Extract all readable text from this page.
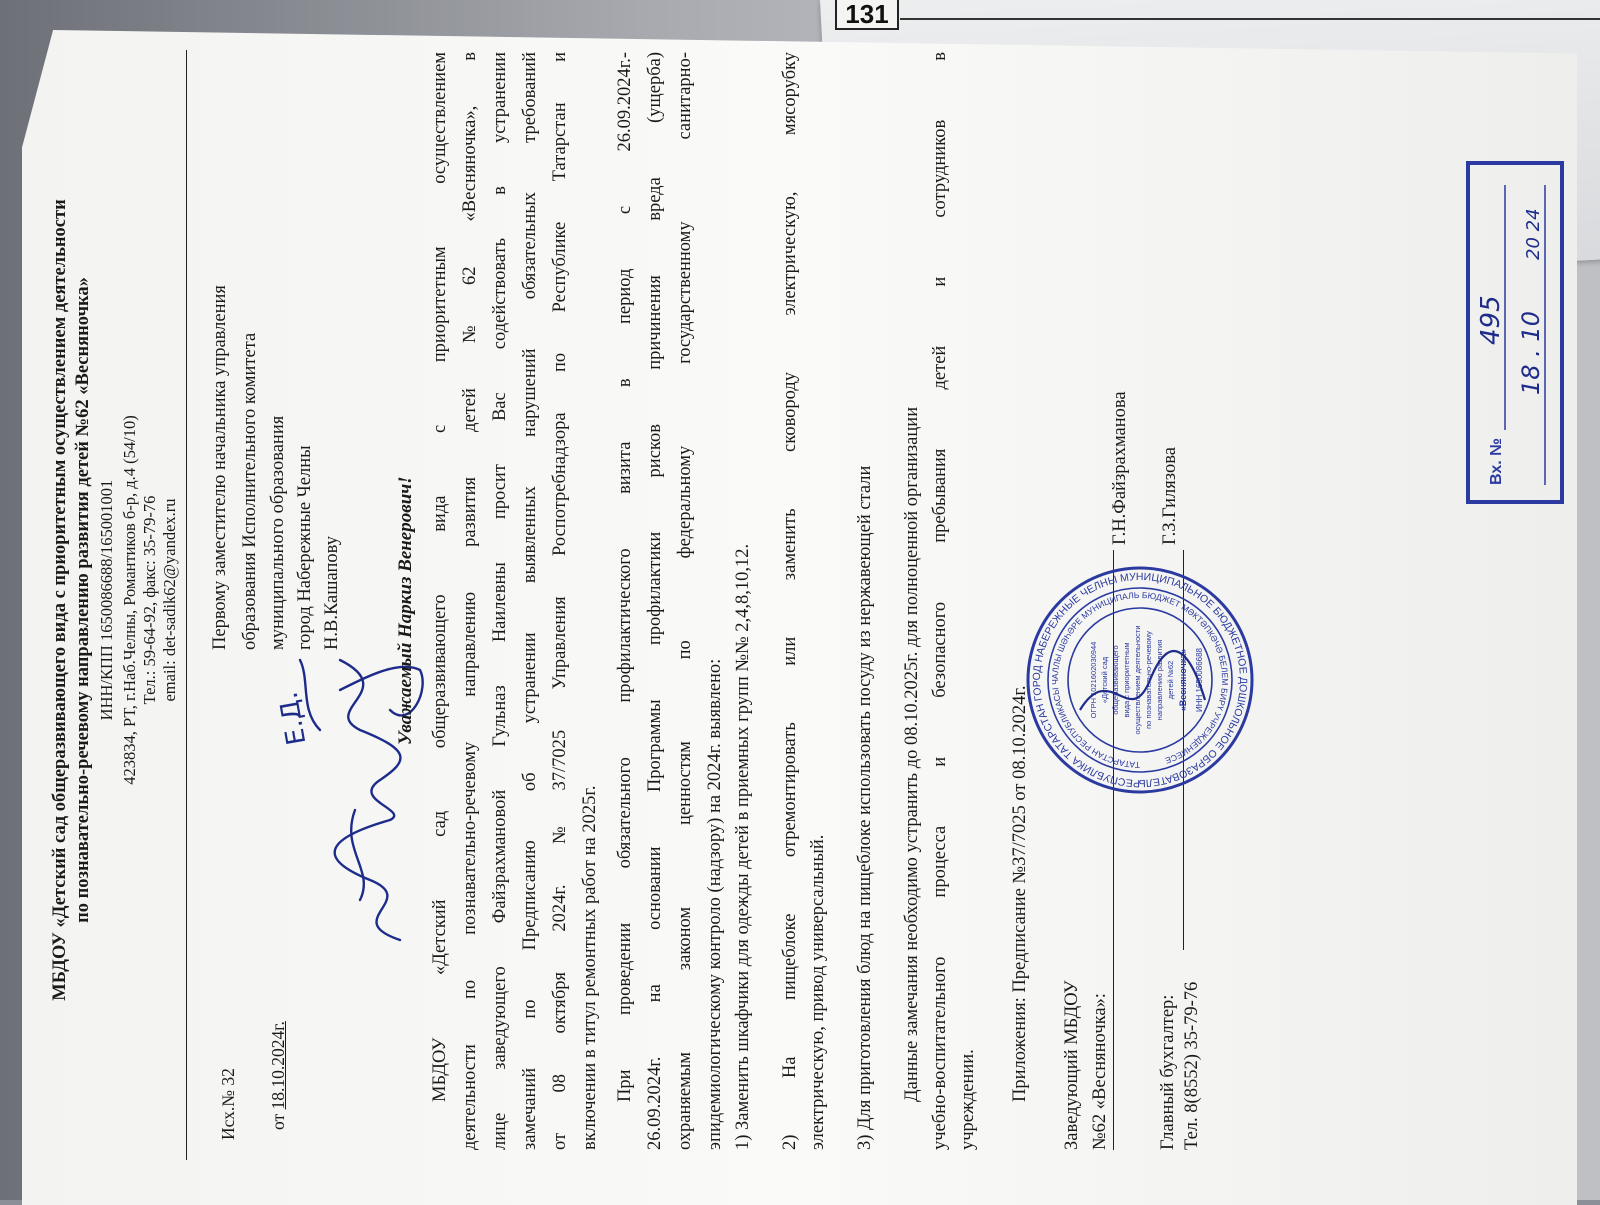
131
МБДОУ «Детский сад общеразвивающего вида с приоритетным осуществлением деятельности по познавательно-речевому направлению развития детей №62 «Весняночка» ИНН/КПП 1650086688/165001001 423834, РТ, г.Наб.Челны, Романтиков б-р, д.4 (54/10) Тел.: 59-64-92, факс: 35-79-76 email: det-sadik62@yandex.ru
Исх.№ 32 от 18.10.2024г.
Первому заместителю начальника управления образования Исполнительного комитета муниципального образования город Набережные Челны Н.В.Кашапову
Е.Д.	Уважаемый Наркиз Венерович! МБДОУ «Детский сад общеразвивающего вида с приоритетным осуществлением деятельности по познавательно-речевому направлению развития детей №62 «Весняночка», в лице заведующего Файзрахмановой Гульназ Наилевны просит Вас содействовать в устранении замечаний по Предписанию об устранении выявленных нарушений обязательных требований от 08 октября 2024г. №37/7025 Управления Роспотребнадзора по Республике Татарстан и включении в титул ремонтных работ на 2025г. При проведении обязательного профилактического визита в период с 26.09.2024г.- 26.09.2024г. на основании Программы профилактики рисков причинения вреда (ущерба) охраняемым законом ценностям по федеральному государственному санитарно- эпидемиологическому контроло (надзору) на 2024г. выявлено: 1) Заменить шкафчики для одежды детей в приемных групп №№ 2,4,8,10,12. 2) На пищеблоке отремонтировать или заменить сковороду электрическую, мясорубку электрическую, привод универсальный. 3) Для приготовления блюд на пищеблоке использовать посуду из нержавеющей стали Данные замечания необходимо устранить до 08.10.2025г. для полноценной организации учебно-воспитательного процесса и безопасного пребывания детей и сотрудников в учреждении. Приложения: Предписание №37/7025 от 08.10.2024г. Заведующий МБДОУ №62 «Весняночка»:
Г.Н.Файзрахманова
Главный бухгалтер: Тел. 8(8552) 35-79-76
Г.З.Гилязова
РЕСПУБЛИКА ТАТАРСТАН ГОРОД НАБЕРЕЖНЫЕ ЧЕЛНЫ МУНИЦИПАЛЬНОЕ БЮДЖЕТНОЕ ДОШКОЛЬНОЕ ОБРАЗОВАТЕЛЬ
ТАТАРСТАН РЕСПУБЛИКАСЫ ЧАЛЛЫ ШӘҺӘРЕ МУНИЦИПАЛЬ БЮДЖЕТ МӘКТӘПКӘЧӘ БЕЛЕМ БИРҮ УЧРЕЖДЕНИЕСЕ
ОГРН 1021602030944 «Детский сад общеразвивающего вида с приоритетным осуществлением деятельности по познавательно-речевому направлению развития детей №62 «Весняночка» ИНН 1650086688
Вх. №
495 18 . 10
20 24
